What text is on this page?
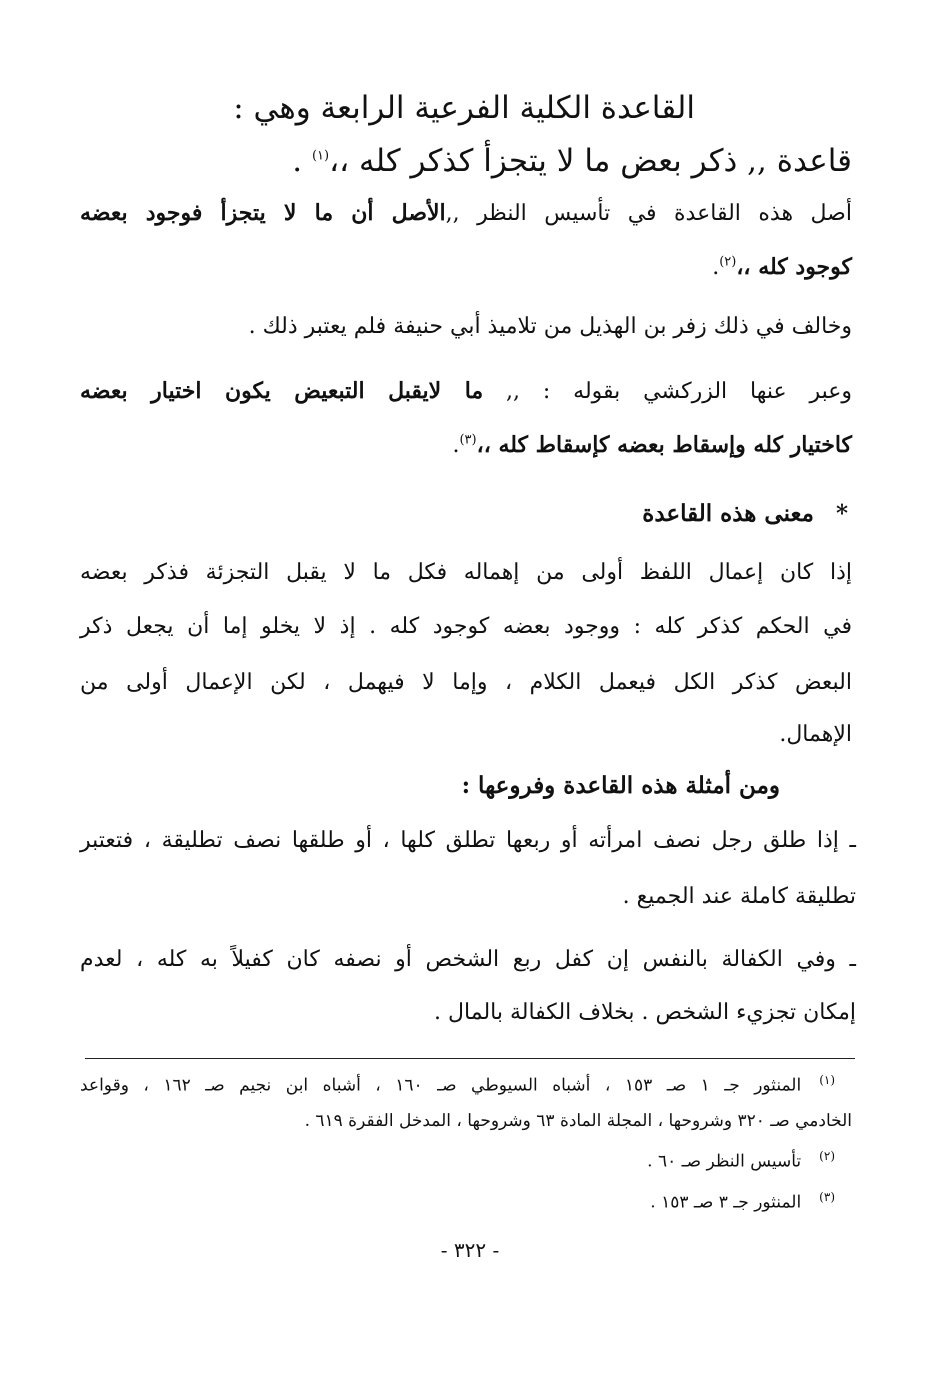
القاعدة الكلية الفرعية الرابعة وهي :
قاعدة ,, ذكر بعض ما لا يتجزأ كذكر كله ،،$^{(١)}$ .
أصل هذه القاعدة في تأسيس النظر ,,الأصل أن ما لا يتجزأ فوجود بعضه
كوجود كله ،،$^{(٢)}$.
وخالف في ذلك زفر بن الهذيل من تلاميذ أبي حنيفة فلم يعتبر ذلك .
وعبر عنها الزركشي بقوله : ,, ما لايقبل التبعيض يكون اختيار بعضه
كاختيار كله وإسقاط بعضه كإسقاط كله ،،$^{(٣)}$.
*معنى هذه القاعدة
إذا كان إعمال اللفظ أولى من إهماله فكل ما لا يقبل التجزئة فذكر بعضه
في الحكم كذكر كله : ووجود بعضه كوجود كله . إذ لا يخلو إما أن يجعل ذكر
البعض كذكر الكل فيعمل الكلام ، وإما لا فيهمل ، لكن الإعمال أولى من
الإهمال.
ومن أمثلة هذه القاعدة وفروعها :
ـ إذا طلق رجل نصف امرأته أو ربعها تطلق كلها ، أو طلقها نصف تطليقة ، فتعتبر
تطليقة كاملة عند الجميع .
ـ وفي الكفالة بالنفس إن كفل ربع الشخص أو نصفه كان كفيلاً به كله ، لعدم
إمكان تجزيء الشخص . بخلاف الكفالة بالمال .
$^{(١)}$المنثور جـ ١ صـ ١٥٣ ، أشباه السيوطي صـ ١٦٠ ، أشباه ابن نجيم صـ ١٦٢ ، وقواعد
الخادمي صـ ٣٢٠ وشروحها ، المجلة المادة ٦٣ وشروحها ، المدخل الفقرة ٦١٩ .
$^{(٢)}$تأسيس النظر صـ ٦٠ .
$^{(٣)}$المنثور جـ ٣ صـ ١٥٣ .
- ٣٢٢ -
